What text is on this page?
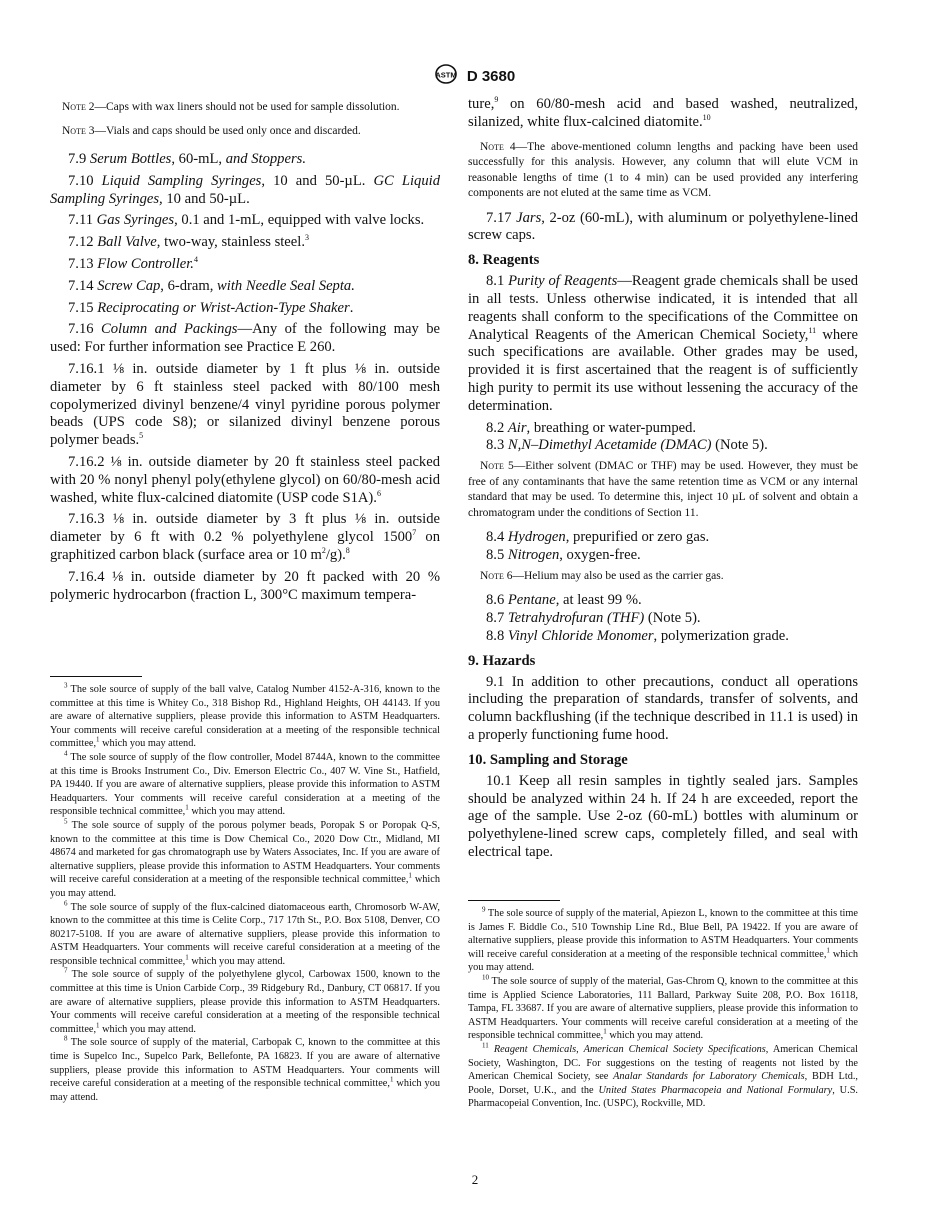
ASTM D 3680

Note 2—Caps with wax liners should not be used for sample dissolution.

Note 3—Vials and caps should be used only once and discarded.

7.9 Serum Bottles, 60-mL, and Stoppers.

7.10 Liquid Sampling Syringes, 10 and 50-µL. GC Liquid Sampling Syringes, 10 and 50-µL.

7.11 Gas Syringes, 0.1 and 1-mL, equipped with valve locks.

7.12 Ball Valve, two-way, stainless steel.$^3$

7.13 Flow Controller.$^4$

7.14 Screw Cap, 6-dram, with Needle Seal Septa.

7.15 Reciprocating or Wrist-Action-Type Shaker.

7.16 Column and Packings—Any of the following may be used: For further information see Practice E 260.

7.16.1 ⅛ in. outside diameter by 1 ft plus ⅛ in. outside diameter by 6 ft stainless steel packed with 80/100 mesh copolymerized divinyl benzene/4 vinyl pyridine porous polymer beads (UPS code S8); or silanized divinyl benzene porous polymer beads.$^5$

7.16.2 ⅛ in. outside diameter by 20 ft stainless steel packed with 20 % nonyl phenyl poly(ethylene glycol) on 60/80-mesh acid washed, white flux-calcined diatomite (USP code S1A).$^6$

7.16.3 ⅛ in. outside diameter by 3 ft plus ⅛ in. outside diameter by 6 ft with 0.2 % polyethylene glycol 1500$^7$ on graphitized carbon black (surface area or 10 $m^2/g).^8$

7.16.4 ⅛ in. outside diameter by 20 ft packed with 20 % polymeric hydrocarbon (fraction L, 300°C maximum tempera-

$^3$ The sole source of supply of the ball valve, Catalog Number 4152-A-316, known to the committee at this time is Whitey Co., 318 Bishop Rd., Highland Heights, OH 44143. If you are aware of alternative suppliers, please provide this information to ASTM Headquarters. Your comments will receive careful consideration at a meeting of the responsible technical committee,$^1$ which you may attend.

$^4$ The sole source of supply of the flow controller, Model 8744A, known to the committee at this time is Brooks Instrument Co., Div. Emerson Electric Co., 407 W. Vine St., Hatfield, PA 19440. If you are aware of alternative suppliers, please provide this information to ASTM Headquarters. Your comments will receive careful consideration at a meeting of the responsible technical committee,$^1$ which you may attend.

$^5$ The sole source of supply of the porous polymer beads, Poropak S or Poropak Q-S, known to the committee at this time is Dow Chemical Co., 2020 Dow Ctr., Midland, MI 48674 and marketed for gas chromatograph use by Waters Associates, Inc. If you are aware of alternative suppliers, please provide this information to ASTM Headquarters. Your comments will receive careful consideration at a meeting of the responsible technical committee,$^1$ which you may attend.

$^6$ The sole source of supply of the flux-calcined diatomaceous earth, Chromosorb W-AW, known to the committee at this time is Celite Corp., 717 17th St., P.O. Box 5108, Denver, CO 80217-5108. If you are aware of alternative suppliers, please provide this information to ASTM Headquarters. Your comments will receive careful consideration at a meeting of the responsible technical committee,$^1$ which you may attend.

$^7$ The sole source of supply of the polyethylene glycol, Carbowax 1500, known to the committee at this time is Union Carbide Corp., 39 Ridgebury Rd., Danbury, CT 06817. If you are aware of alternative suppliers, please provide this information to ASTM Headquarters. Your comments will receive careful consideration at a meeting of the responsible technical committee,$^1$ which you may attend.

$^8$ The sole source of supply of the material, Carbopak C, known to the committee at this time is Supelco Inc., Supelco Park, Bellefonte, PA 16823. If you are aware of alternative suppliers, please provide this information to ASTM Headquarters. Your comments will receive careful consideration at a meeting of the responsible technical committee,$^1$ which you may attend.

ture,$^9$ on 60/80-mesh acid and based washed, neutralized, silanized, white flux-calcined diatomite.$^{10}$

Note 4—The above-mentioned column lengths and packing have been used successfully for this analysis. However, any column that will elute VCM in reasonable lengths of time (1 to 4 min) can be used provided any interfering components are not eluted at the same time as VCM.

7.17 Jars, 2-oz (60-mL), with aluminum or polyethylene-lined screw caps.

8. Reagents

8.1 Purity of Reagents—Reagent grade chemicals shall be used in all tests. Unless otherwise indicated, it is intended that all reagents shall conform to the specifications of the Committee on Analytical Reagents of the American Chemical Society,$^{11}$ where such specifications are available. Other grades may be used, provided it is first ascertained that the reagent is of sufficiently high purity to permit its use without lessening the accuracy of the determination.

8.2 Air, breathing or water-pumped.

8.3 N,N–Dimethyl Acetamide (DMAC) (Note 5).

Note 5—Either solvent (DMAC or THF) may be used. However, they must be free of any contaminants that have the same retention time as VCM or any internal standard that may be used. To determine this, inject 10 µL of solvent and obtain a chromatogram under the conditions of Section 11.

8.4 Hydrogen, prepurified or zero gas.

8.5 Nitrogen, oxygen-free.

Note 6—Helium may also be used as the carrier gas.

8.6 Pentane, at least 99 %.

8.7 Tetrahydrofuran (THF) (Note 5).

8.8 Vinyl Chloride Monomer, polymerization grade.

9. Hazards

9.1 In addition to other precautions, conduct all operations including the preparation of standards, transfer of solvents, and column backflushing (if the technique described in 11.1 is used) in a properly functioning fume hood.

10. Sampling and Storage

10.1 Keep all resin samples in tightly sealed jars. Samples should be analyzed within 24 h. If 24 h are exceeded, report the age of the sample. Use 2-oz (60-mL) bottles with aluminum or polyethylene-lined screw caps, completely filled, and seal with electrical tape.

$^9$ The sole source of supply of the material, Apiezon L, known to the committee at this time is James F. Biddle Co., 510 Township Line Rd., Blue Bell, PA 19422. If you are aware of alternative suppliers, please provide this information to ASTM Headquarters. Your comments will receive careful consideration at a meeting of the responsible technical committee,$^1$ which you may attend.

$^{10}$ The sole source of supply of the material, Gas-Chrom Q, known to the committee at this time is Applied Science Laboratories, 111 Ballard, Parkway Suite 208, P.O. Box 16118, Tampa, FL 33687. If you are aware of alternative suppliers, please provide this information to ASTM Headquarters. Your comments will receive careful consideration at a meeting of the responsible technical committee,$^1$ which you may attend.

$^{11}$ Reagent Chemicals, American Chemical Society Specifications, American Chemical Society, Washington, DC. For suggestions on the testing of reagents not listed by the American Chemical Society, see Analar Standards for Laboratory Chemicals, BDH Ltd., Poole, Dorset, U.K., and the United States Pharmacopeia and National Formulary, U.S. Pharmacopeial Convention, Inc. (USPC), Rockville, MD.

2
